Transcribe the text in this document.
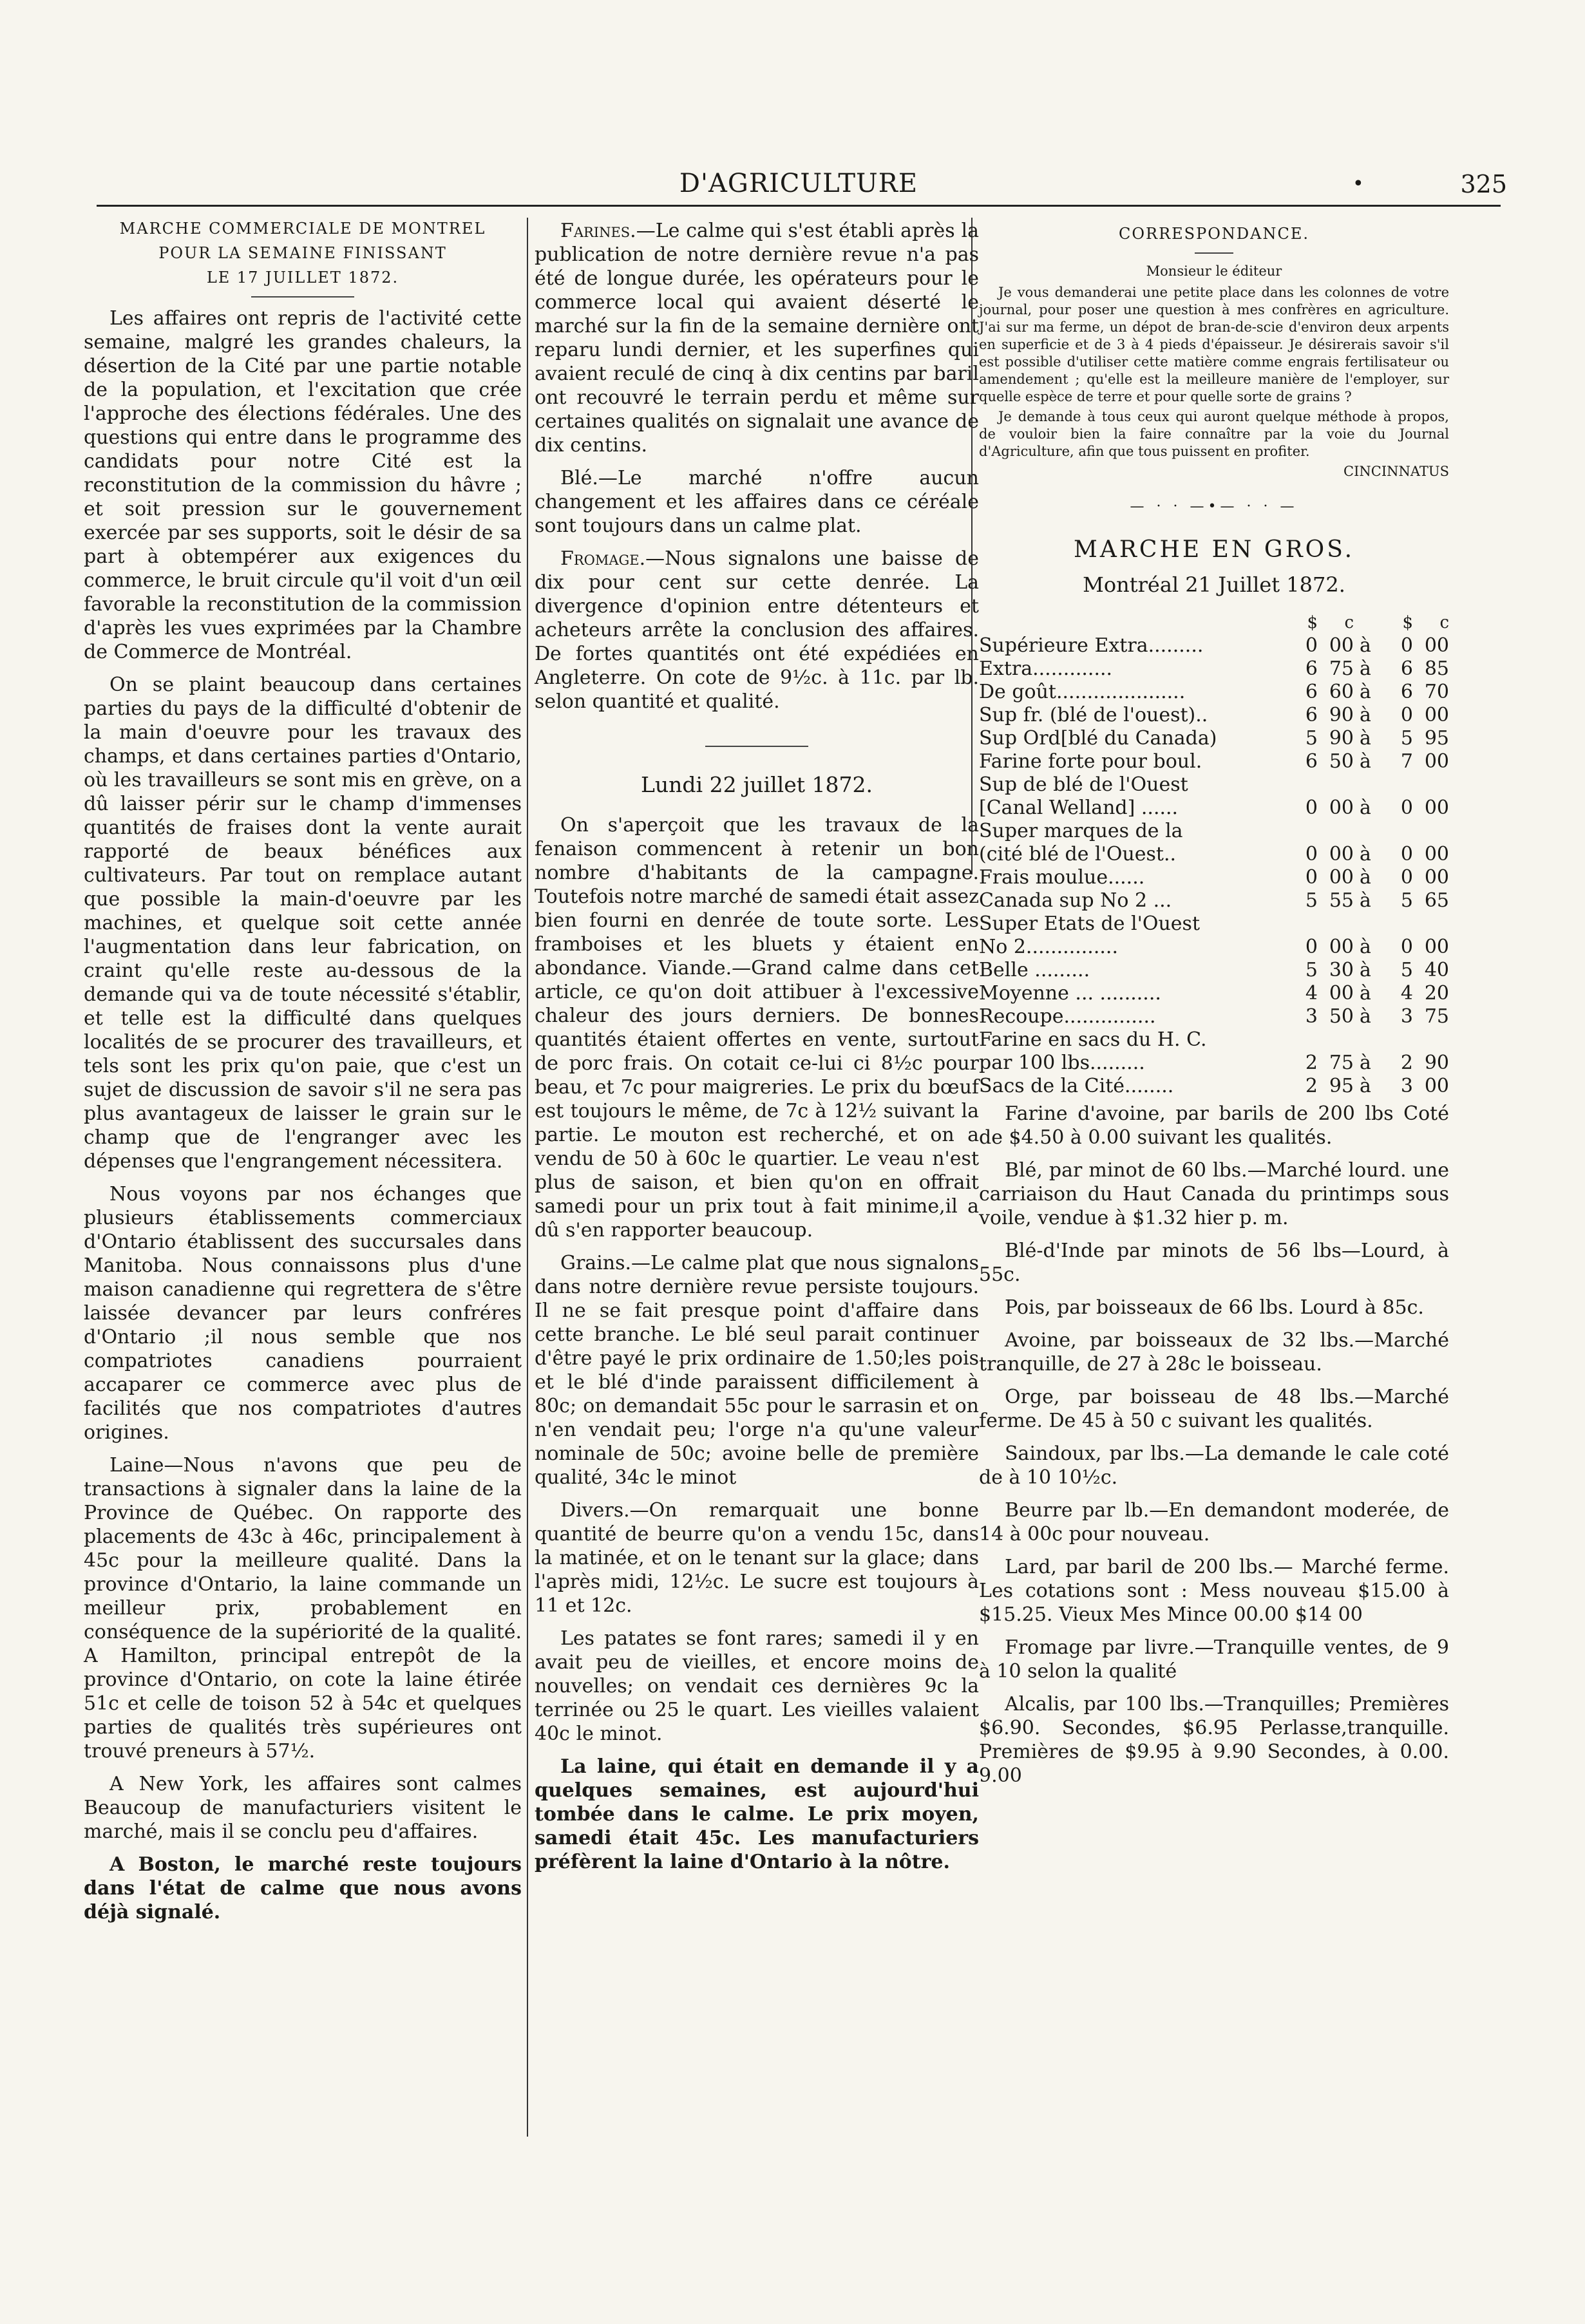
D'AGRICULTURE	•	325
MARCHE COMMERCIALE DE MONTREL
POUR LA SEMAINE FINISSANT
LE 17 JUILLET 1872.

Les affaires ont repris de l'activité cette semaine, malgré les grandes chaleurs, la désertion de la Cité par une partie notable de la population, et l'excitation que crée l'approche des élections fédérales. Une des questions qui entre dans le programme des candidats pour notre Cité est la reconstitution de la commission du hâvre ; et soit pression sur le gouvernement exercée par ses supports, soit le désir de sa part à obtempérer aux exigences du commerce, le bruit circule qu'il voit d'un œil favorable la reconstitution de la commission d'après les vues exprimées par la Chambre de Commerce de Montréal.

On se plaint beaucoup dans certaines parties du pays de la difficulté d'obtenir de la main d'oeuvre pour les travaux des champs, et dans certaines parties d'Ontario, où les travailleurs se sont mis en grève, on a dû laisser périr sur le champ d'immenses quantités de fraises dont la vente aurait rapporté de beaux bénéfices aux cultivateurs. Par tout on remplace autant que possible la main-d'oeuvre par les machines, et quelque soit cette année l'augmentation dans leur fabrication, on craint qu'elle reste au-dessous de la demande qui va de toute nécessité s'établir, et telle est la difficulté dans quelques localités de se procurer des travailleurs, et tels sont les prix qu'on paie, que c'est un sujet de discussion de savoir s'il ne sera pas plus avantageux de laisser le grain sur le champ que de l'engranger avec les dépenses que l'engrangement nécessitera.

Nous voyons par nos échanges que plusieurs établissements commerciaux d'Ontario établissent des succursales dans Manitoba. Nous connaissons plus d'une maison canadienne qui regrettera de s'être laissée devancer par leurs confréres d'Ontario ;il nous semble que nos compatriotes canadiens pourraient accaparer ce commerce avec plus de facilités que nos compatriotes d'autres origines.

Laine—Nous n'avons que peu de transactions à signaler dans la laine de la Province de Québec. On rapporte des placements de 43c à 46c, principalement à 45c pour la meilleure qualité. Dans la province d'Ontario, la laine commande un meilleur prix, probablement en conséquence de la supériorité de la qualité. A Hamilton, principal entrepôt de la province d'Ontario, on cote la laine étirée 51c et celle de toison 52 à 54c et quelques parties de qualités très supérieures ont trouvé preneurs à 57½.

A New York, les affaires sont calmes Beaucoup de manufacturiers visitent le marché, mais il se conclu peu d'affaires.

A Boston, le marché reste toujours dans l'état de calme que nous avons déjà signalé.

Farines.—Le calme qui s'est établi après la publication de notre dernière revue n'a pas été de longue durée, les opérateurs pour le commerce local qui avaient déserté le marché sur la fin de la semaine dernière ont reparu lundi dernier, et les superfines qui avaient reculé de cinq à dix centins par baril ont recouvré le terrain perdu et même sur certaines qualités on signalait une avance de dix centins.

Blé.—Le marché n'offre aucun changement et les affaires dans ce céréale sont toujours dans un calme plat.

Fromage.—Nous signalons une baisse de dix pour cent sur cette denrée. La divergence d'opinion entre détenteurs et acheteurs arrête la conclusion des affaires. De fortes quantités ont été expédiées en Angleterre. On cote de 9½c. à 11c. par lb. selon quantité et qualité.

Lundi 22 juillet 1872.

On s'aperçoit que les travaux de la fenaison commencent à retenir un bon nombre d'habitants de la campagne. Toutefois notre marché de samedi était assez bien fourni en denrée de toute sorte. Les framboises et les bluets y étaient en abondance. Viande.—Grand calme dans cet article, ce qu'on doit attibuer à l'excessive chaleur des jours derniers. De bonnes quantités étaient offertes en vente, surtout de porc frais. On cotait ce-lui ci 8½c pour beau, et 7c pour maigreries. Le prix du bœuf est toujours le même, de 7c à 12½ suivant la partie. Le mouton est recherché, et on a vendu de 50 à 60c le quartier. Le veau n'est plus de saison, et bien qu'on en offrait samedi pour un prix tout à fait minime,il a dû s'en rapporter beaucoup.

Grains.—Le calme plat que nous signalons dans notre dernière revue persiste toujours. Il ne se fait presque point d'affaire dans cette branche. Le blé seul parait continuer d'être payé le prix ordinaire de 1.50;les pois et le blé d'inde paraissent difficilement à 80c; on demandait 55c pour le sarrasin et on n'en vendait peu; l'orge n'a qu'une valeur nominale de 50c; avoine belle de première qualité, 34c le minot

Divers.—On remarquait une bonne quantité de beurre qu'on a vendu 15c, dans la matinée, et on le tenant sur la glace; dans l'après midi, 12½c. Le sucre est toujours à 11 et 12c.

Les patates se font rares; samedi il y en avait peu de vieilles, et encore moins de nouvelles; on vendait ces dernières 9c la terrinée ou 25 le quart. Les vieilles valaient 40c le minot.

La laine, qui était en demande il y a quelques semaines, est aujourd'hui tombée dans le calme. Le prix moyen, samedi était 45c. Les manufacturiers préfèrent la laine d'Ontario à la nôtre.

CORRESPONDANCE.

Monsieur le éditeur

Je vous demanderai une petite place dans les colonnes de votre journal, pour poser une question à mes confrères en agriculture. J'ai sur ma ferme, un dépot de bran-de-scie d'environ deux arpents en superficie et de 3 à 4 pieds d'épaisseur. Je désirerais savoir s'il est possible d'utiliser cette matière comme engrais fertilisateur ou amendement ; qu'elle est la meilleure manière de l'employer, sur quelle espèce de terre et pour quelle sorte de grains ?

Je demande à tous ceux qui auront quelque méthode à propos, de vouloir bien la faire connaître par la voie du Journal d'Agriculture, afin que tous puissent en profiter.

CINCINNATUS

— · · —•— · · —
MARCHE EN GROS.
Montréal 21 Juillet 1872.
	$	c		$	c
Supérieure Extra.........	0	00	à	0	00
Extra.............	6	75	à	6	85
De goût.....................	6	60	à	6	70
Sup fr. (blé de l'ouest)..	6	90	à	0	00
Sup Ord[blé du Canada)	5	90	à	5	95
Farine forte pour boul.	6	50	à	7	00
Sup de blé de l'Ouest					
[Canal Welland] ......	0	00	à	0	00
Super marques de la					
(cité blé de l'Ouest..	0	00	à	0	00
Frais moulue......	0	00	à	0	00
Canada sup No 2 ...	5	55	à	5	65
Super Etats de l'Ouest					
No 2...............	0	00	à	0	00
Belle .........	5	30	à	5	40
Moyenne ... ..........	4	00	à	4	20
Recoupe...............	3	50	à	3	75
Farine en sacs du H. C.					
par 100 lbs.........	2	75	à	2	90
Sacs de la Cité........	2	95	à	3	00

Farine d'avoine, par barils de 200 lbs Coté de $4.50 à 0.00 suivant les qualités.

Blé, par minot de 60 lbs.—Marché lourd. une carriaison du Haut Canada du printimps sous voile, vendue à $1.32 hier p. m.

Blé-d'Inde par minots de 56 lbs—Lourd, à 55c.

Pois, par boisseaux de 66 lbs. Lourd à 85c.

Avoine, par boisseaux de 32 lbs.—Marché tranquille, de 27 à 28c le boisseau.

Orge, par boisseau de 48 lbs.—Marché ferme. De 45 à 50 c suivant les qualités.

Saindoux, par lbs.—La demande le cale coté de à 10 10½c.

Beurre par lb.—En demandont moderée, de 14 à 00c pour nouveau.

Lard, par baril de 200 lbs.— Marché ferme. Les cotations sont : Mess nouveau $15.00 à $15.25. Vieux Mes Mince 00.00 $14 00

Fromage par livre.—Tranquille ventes, de 9 à 10 selon la qualité

Alcalis, par 100 lbs.—Tranquilles; Premières $6.90. Secondes, $6.95 Perlasse,tranquille. Premières de $9.95 à 9.90 Secondes, à 0.00. 9.00
